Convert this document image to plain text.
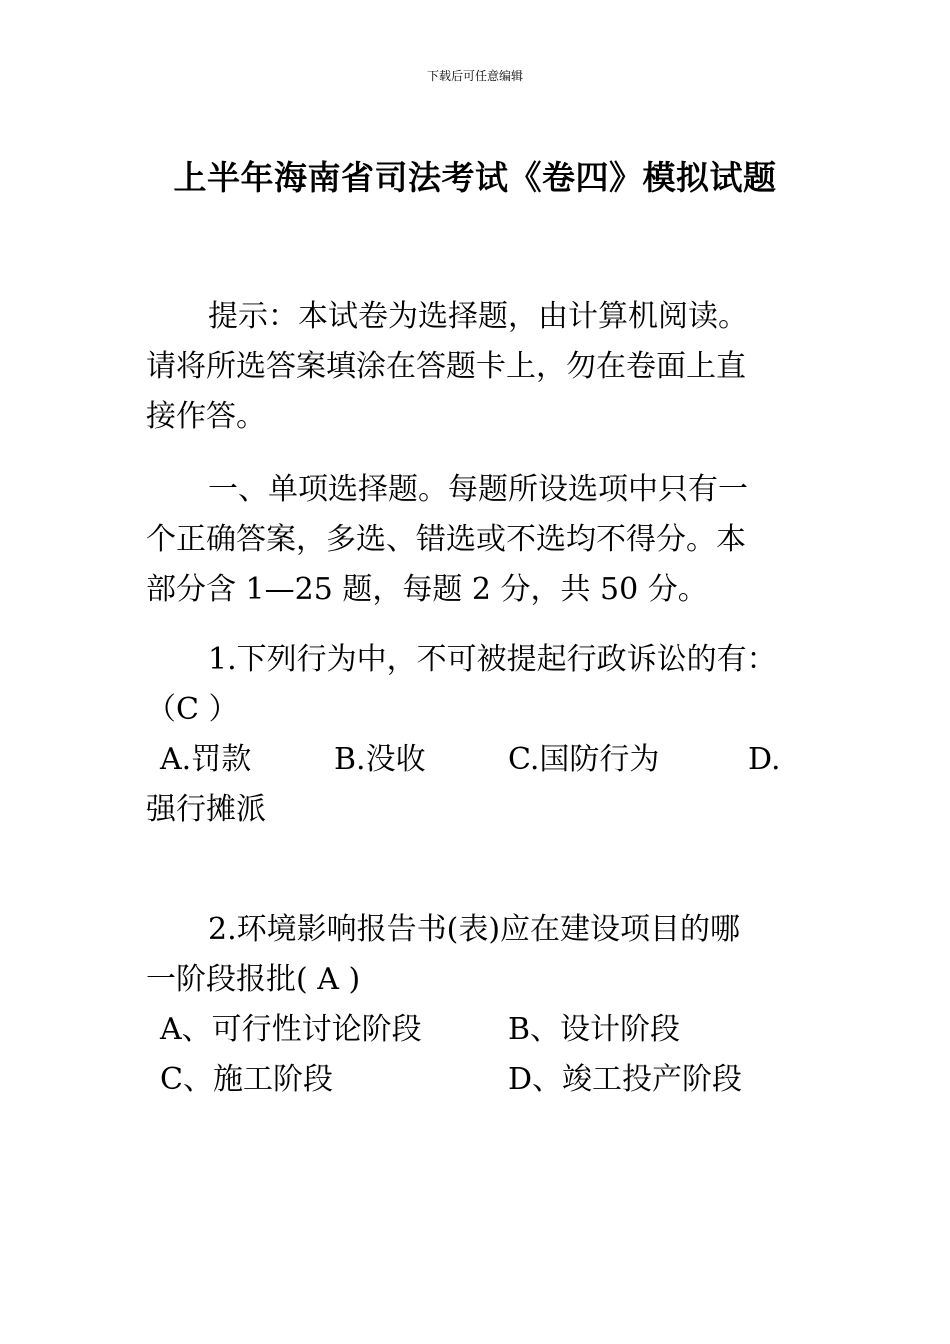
下载后可任意编辑
上半年海南省司法考试《卷四》模拟试题

提示：本试卷为选择题，由计算机阅读。

请将所选答案填涂在答题卡上，勿在卷面上直

接作答。

一、单项选择题。每题所设选项中只有一

个正确答案，多选、错选或不选均不得分。本

部分含 1—25 题，每题 2 分，共 50 分。

1.下列行为中，不可被提起行政诉讼的有：

（C ）

A.罚款	B.没收	C.国防行为	D.

强行摊派

2.环境影响报告书(表)应在建设项目的哪

一阶段报批( A )

A、可行性讨论阶段	B、设计阶段
C、施工阶段	D、竣工投产阶段
